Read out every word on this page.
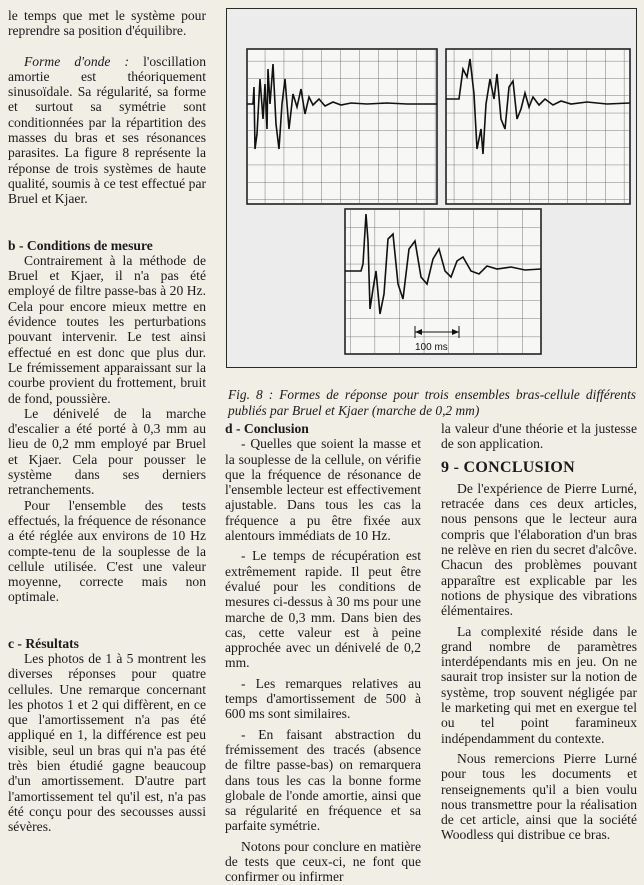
le temps que met le système pour reprendre sa position d'équilibre.

Forme d'onde : l'oscillation amortie est théoriquement sinusoïdale. Sa régularité, sa forme et surtout sa symétrie sont conditionnées par la répartition des masses du bras et ses résonances parasites. La figure 8 représente la réponse de trois systèmes de haute qualité, soumis à ce test effectué par Bruel et Kjaer.

b - Conditions de mesure

Contrairement à la méthode de Bruel et Kjaer, il n'a pas été employé de filtre passe-bas à 20 Hz. Cela pour encore mieux mettre en évidence toutes les perturbations pouvant intervenir. Le test ainsi effectué en est donc que plus dur. Le frémissement apparaissant sur la courbe provient du frottement, bruit de fond, poussière.

Le dénivelé de la marche d'escalier a été porté à 0,3 mm au lieu de 0,2 mm employé par Bruel et Kjaer. Cela pour pousser le système dans ses derniers retranchements.

Pour l'ensemble des tests effectués, la fréquence de résonance a été réglée aux environs de 10 Hz compte-tenu de la souplesse de la cellule utilisée. C'est une valeur moyenne, correcte mais non optimale.

c - Résultats

Les photos de 1 à 5 montrent les diverses réponses pour quatre cellules. Une remarque concernant les photos 1 et 2 qui diffèrent, en ce que l'amortissement n'a pas été appliqué en 1, la différence est peu visible, seul un bras qui n'a pas été très bien étudié gagne beaucoup d'un amortissement. D'autre part l'amortissement tel qu'il est, n'a pas été conçu pour des secousses aussi sévères.

100 ms

Fig. 8 : Formes de réponse pour trois ensembles bras-cellule différents publiés par Bruel et Kjaer (marche de 0,2 mm)

d - Conclusion

- Quelles que soient la masse et la souplesse de la cellule, on vérifie que la fréquence de résonance de l'ensemble lecteur est effectivement ajustable. Dans tous les cas la fréquence a pu être fixée aux alentours immédiats de 10 Hz.

- Le temps de récupération est extrêmement rapide. Il peut être évalué pour les conditions de mesures ci-dessus à 30 ms pour une marche de 0,3 mm. Dans bien des cas, cette valeur est à peine approchée avec un dénivelé de 0,2 mm.

- Les remarques relatives au temps d'amortissement de 500 à 600 ms sont similaires.

- En faisant abstraction du frémissement des tracés (absence de filtre passe-bas) on remarquera dans tous les cas la bonne forme globale de l'onde amortie, ainsi que sa régularité en fréquence et sa parfaite symétrie.

Notons pour conclure en matière de tests que ceux-ci, ne font que confirmer ou infirmer

la valeur d'une théorie et la justesse de son application.

9 - CONCLUSION

De l'expérience de Pierre Lurné, retracée dans ces deux articles, nous pensons que le lecteur aura compris que l'élaboration d'un bras ne relève en rien du secret d'alcôve. Chacun des problèmes pouvant apparaître est explicable par les notions de physique des vibrations élémentaires.

La complexité réside dans le grand nombre de paramètres interdépendants mis en jeu. On ne saurait trop insister sur la notion de système, trop souvent négligée par le marketing qui met en exergue tel ou tel point faramineux indépendamment du contexte.

Nous remercions Pierre Lurné pour tous les documents et renseignements qu'il a bien voulu nous transmettre pour la réalisation de cet article, ainsi que la société Woodless qui distribue ce bras.
